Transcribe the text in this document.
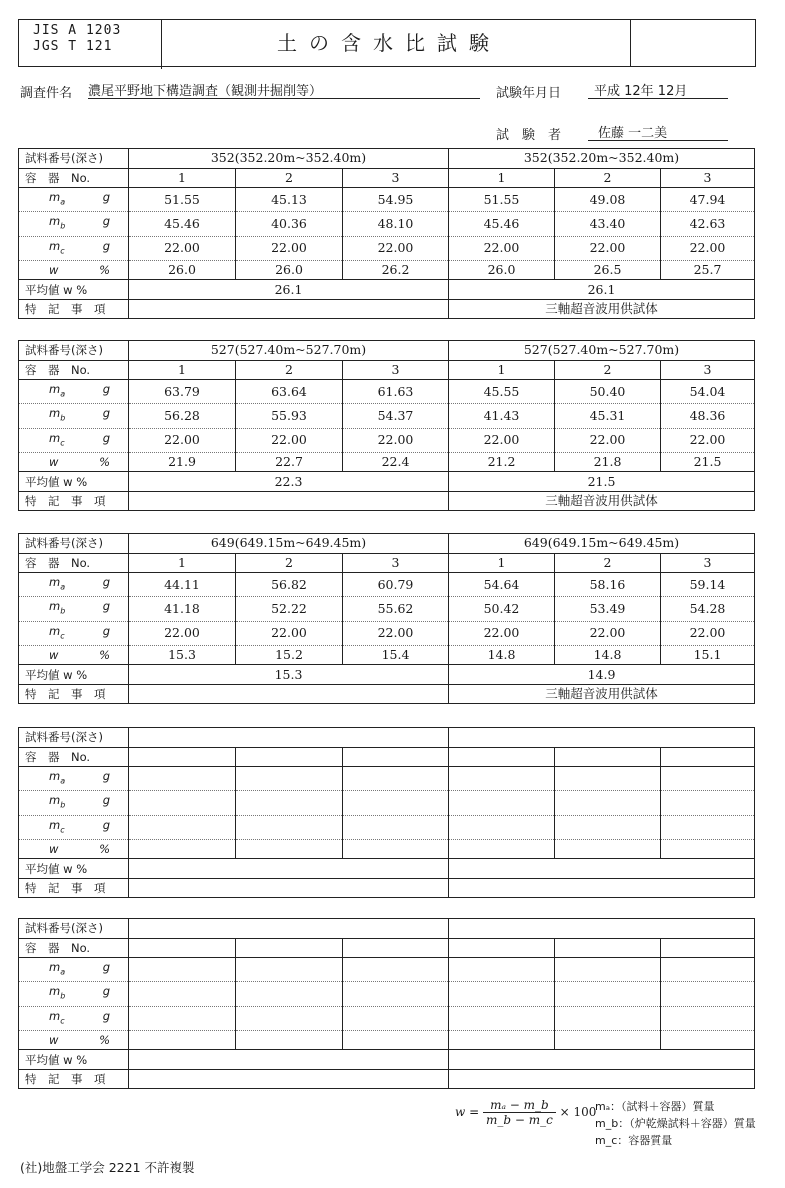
JIS A 1203
JGS T 121	土の含水比試験
調査件名 濃尾平野地下構造調査（観測井掘削等）	試験年月日	平成 12年 12月
試　験　者	佐藤 一二美
試料番号(深さ)	352(352.20m~352.40m)			352(352.20m~352.40m)		
容　器　No.	1	2	3	1	2	3
$m_a$ g	51.55	45.13	54.95	51.55	49.08	47.94
$m_b$ g	45.46	40.36	48.10	45.46	43.40	42.63
$m_c$ g	22.00	22.00	22.00	22.00	22.00	22.00
w %	26.0	26.0	26.2	26.0	26.5	25.7
平均値 w %	26.1			26.1		
特　記　事　項				三軸超音波用供試体		
試料番号(深さ)	527(527.40m~527.70m)			527(527.40m~527.70m)		
容　器　No.	1	2	3	1	2	3
$m_a$ g	63.79	63.64	61.63	45.55	50.40	54.04
$m_b$ g	56.28	55.93	54.37	41.43	45.31	48.36
$m_c$ g	22.00	22.00	22.00	22.00	22.00	22.00
w %	21.9	22.7	22.4	21.2	21.8	21.5
平均値 w %	22.3			21.5		
特　記　事　項				三軸超音波用供試体		
試料番号(深さ)	649(649.15m~649.45m)			649(649.15m~649.45m)		
容　器　No.	1	2	3	1	2	3
$m_a$ g	44.11	56.82	60.79	54.64	58.16	59.14
$m_b$ g	41.18	52.22	55.62	50.42	53.49	54.28
$m_c$ g	22.00	22.00	22.00	22.00	22.00	22.00
w %	15.3	15.2	15.4	14.8	14.8	15.1
平均値 w %	15.3			14.9		
特　記　事　項				三軸超音波用供試体		
試料番号(深さ)						
容　器　No.						
$m_a$ g						

$m_b$ g						

$m_c$ g						

w %						

平均値 w %						
特　記　事　項						
試料番号(深さ)						
容　器　No.						
$m_a$ g						

$m_b$ g						

$m_c$ g						

w %						

平均値 w %						
特　記　事　項						
$w = \frac{\text{mₐ − m\_b}}{m\_b - m\_c} \times 100$
mₐ：（試料＋容器）質量
m_b：（炉乾燥試料＋容器）質量
m_c：容器質量
(社)地盤工学会 2221 不許複製
